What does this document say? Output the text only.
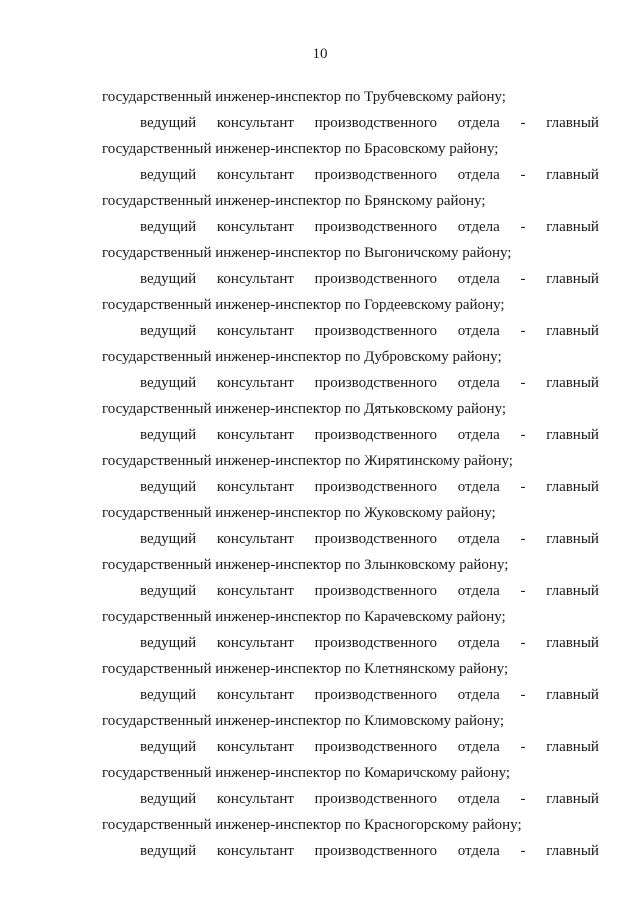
10
государственный инженер-инспектор по Трубчевскому району;
ведущий консультант производственного отдела - главный
государственный инженер-инспектор по Брасовскому району;
ведущий консультант производственного отдела - главный
государственный инженер-инспектор по Брянскому району;
ведущий консультант производственного отдела - главный
государственный инженер-инспектор по Выгоничскому району;
ведущий консультант производственного отдела - главный
государственный инженер-инспектор по Гордеевскому району;
ведущий консультант производственного отдела - главный
государственный инженер-инспектор по Дубровскому району;
ведущий консультант производственного отдела - главный
государственный инженер-инспектор по Дятьковскому району;
ведущий консультант производственного отдела - главный
государственный инженер-инспектор по Жирятинскому району;
ведущий консультант производственного отдела - главный
государственный инженер-инспектор по Жуковскому району;
ведущий консультант производственного отдела - главный
государственный инженер-инспектор по Злынковскому району;
ведущий консультант производственного отдела - главный
государственный инженер-инспектор по Карачевскому району;
ведущий консультант производственного отдела - главный
государственный инженер-инспектор по Клетнянскому району;
ведущий консультант производственного отдела - главный
государственный инженер-инспектор по Климовскому району;
ведущий консультант производственного отдела - главный
государственный инженер-инспектор по Комаричскому району;
ведущий консультант производственного отдела - главный
государственный инженер-инспектор по Красногорскому району;
ведущий консультант производственного отдела - главный
